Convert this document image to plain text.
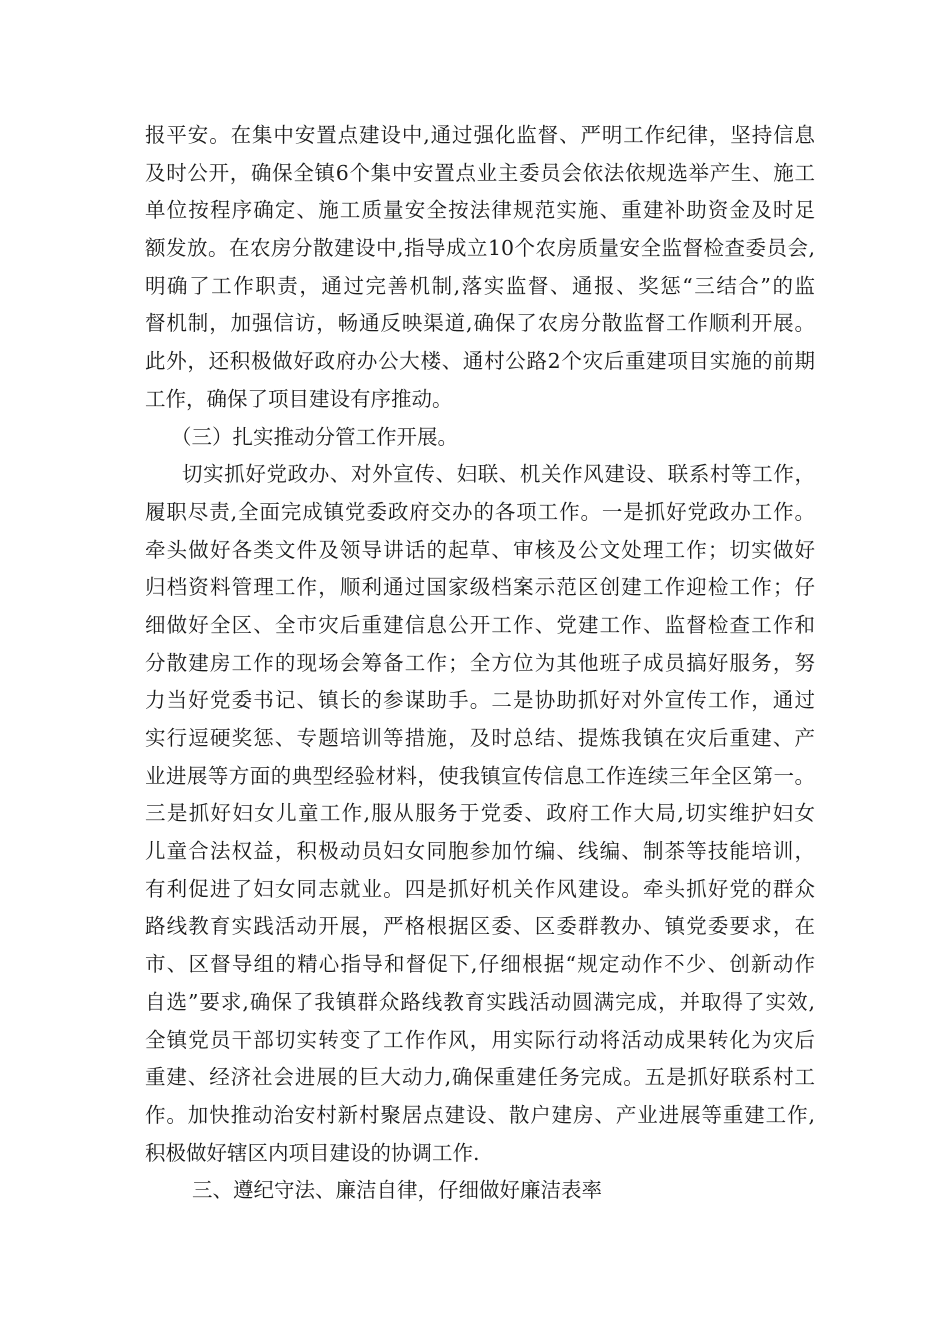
报平安。在集中安置点建设中,通过强化监督、严明工作纪律，坚持信息
及时公开，确保全镇6个集中安置点业主委员会依法依规选举产生、施工
单位按程序确定、施工质量安全按法律规范实施、重建补助资金及时足
额发放。在农房分散建设中,指导成立10个农房质量安全监督检查委员会,
明确了工作职责，通过完善机制,落实监督、通报、奖惩“三结合”的监
督机制，加强信访，畅通反映渠道,确保了农房分散监督工作顺利开展。
此外，还积极做好政府办公大楼、通村公路2个灾后重建项目实施的前期
工作，确保了项目建设有序推动。
（三）扎实推动分管工作开展。
切实抓好党政办、对外宣传、妇联、机关作风建设、联系村等工作，
履职尽责,全面完成镇党委政府交办的各项工作。一是抓好党政办工作。
牵头做好各类文件及领导讲话的起草、审核及公文处理工作；切实做好
归档资料管理工作，顺利通过国家级档案示范区创建工作迎检工作；仔
细做好全区、全市灾后重建信息公开工作、党建工作、监督检查工作和
分散建房工作的现场会筹备工作；全方位为其他班子成员搞好服务，努
力当好党委书记、镇长的参谋助手。二是协助抓好对外宣传工作，通过
实行逗硬奖惩、专题培训等措施，及时总结、提炼我镇在灾后重建、产
业进展等方面的典型经验材料，使我镇宣传信息工作连续三年全区第一。
三是抓好妇女儿童工作,服从服务于党委、政府工作大局,切实维护妇女
儿童合法权益，积极动员妇女同胞参加竹编、线编、制茶等技能培训，
有利促进了妇女同志就业。四是抓好机关作风建设。牵头抓好党的群众
路线教育实践活动开展，严格根据区委、区委群教办、镇党委要求，在
市、区督导组的精心指导和督促下,仔细根据“规定动作不少、创新动作
自选”要求,确保了我镇群众路线教育实践活动圆满完成，并取得了实效,
全镇党员干部切实转变了工作作风，用实际行动将活动成果转化为灾后
重建、经济社会进展的巨大动力,确保重建任务完成。五是抓好联系村工
作。加快推动治安村新村聚居点建设、散户建房、产业进展等重建工作,
积极做好辖区内项目建设的协调工作.
三、遵纪守法、廉洁自律，仔细做好廉洁表率
